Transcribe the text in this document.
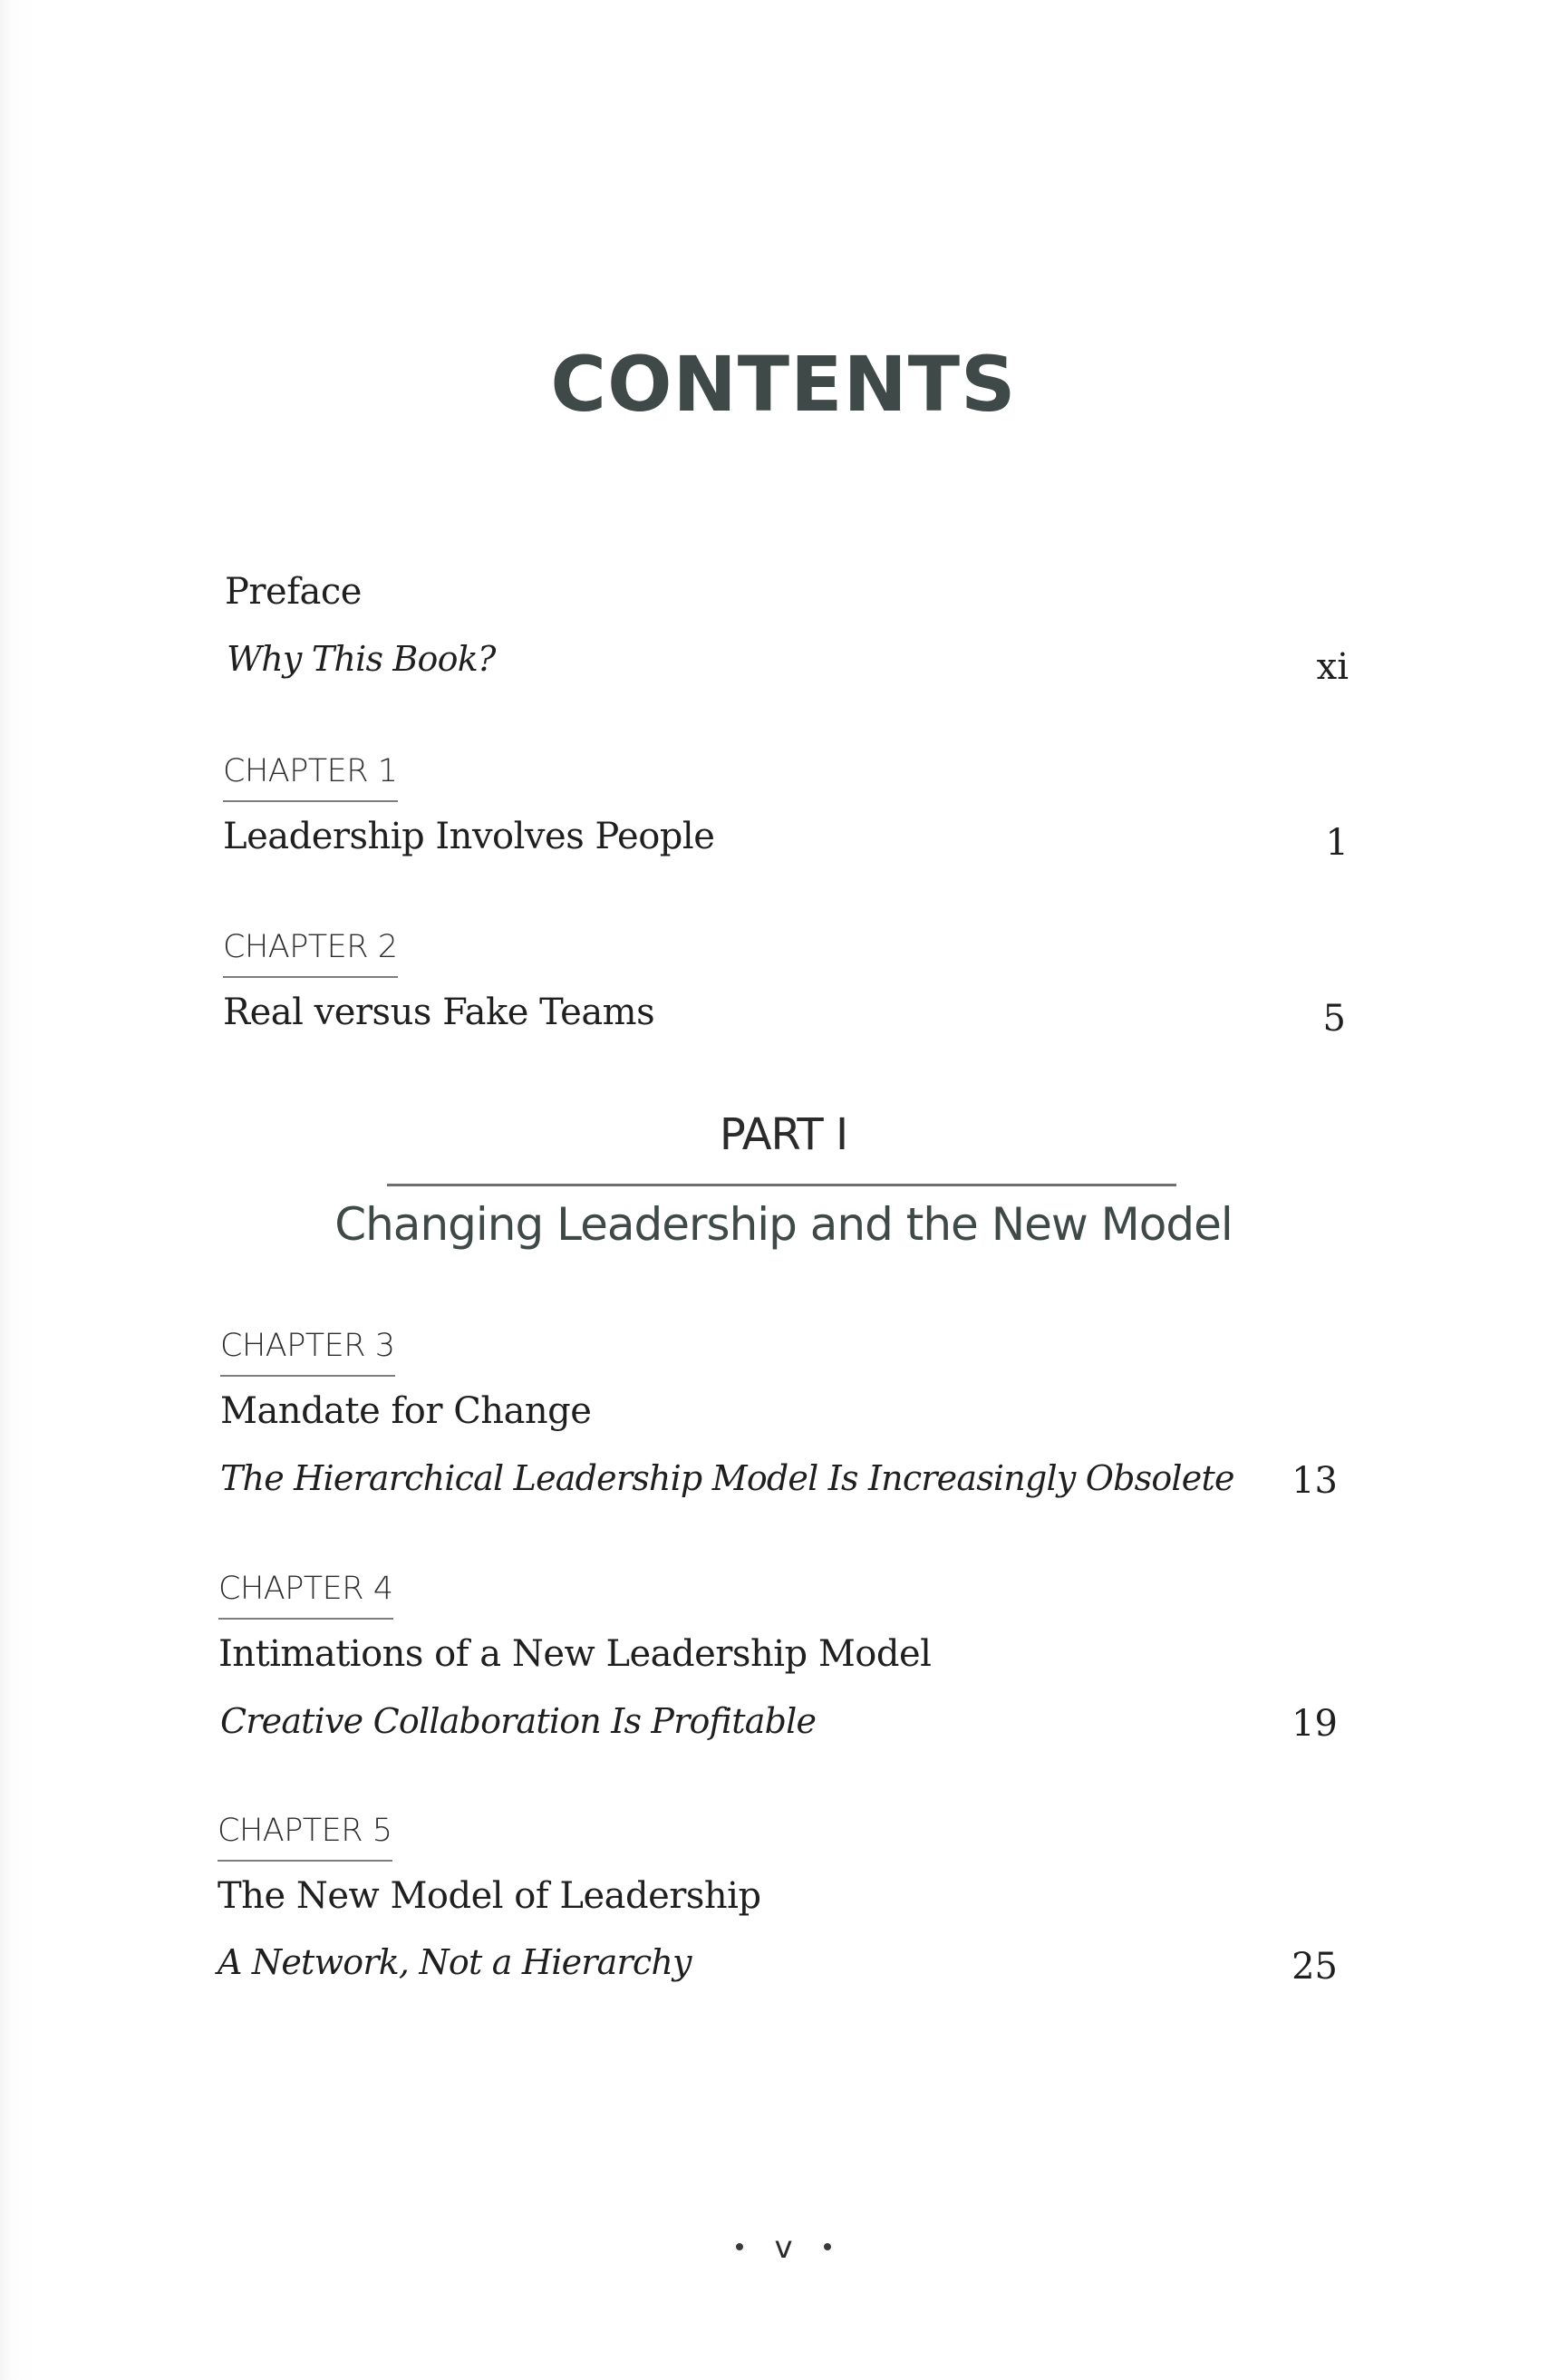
CONTENTS
Preface
Why This Book?	xi
CHAPTER 1
Leadership Involves People	1
CHAPTER 2
Real versus Fake Teams	5
PART I
Changing Leadership and the New Model
CHAPTER 3
Mandate for Change
The Hierarchical Leadership Model Is Increasingly Obsolete	13
CHAPTER 4
Intimations of a New Leadership Model
Creative Collaboration Is Profitable	19
CHAPTER 5
The New Model of Leadership
A Network, Not a Hierarchy	25
v
